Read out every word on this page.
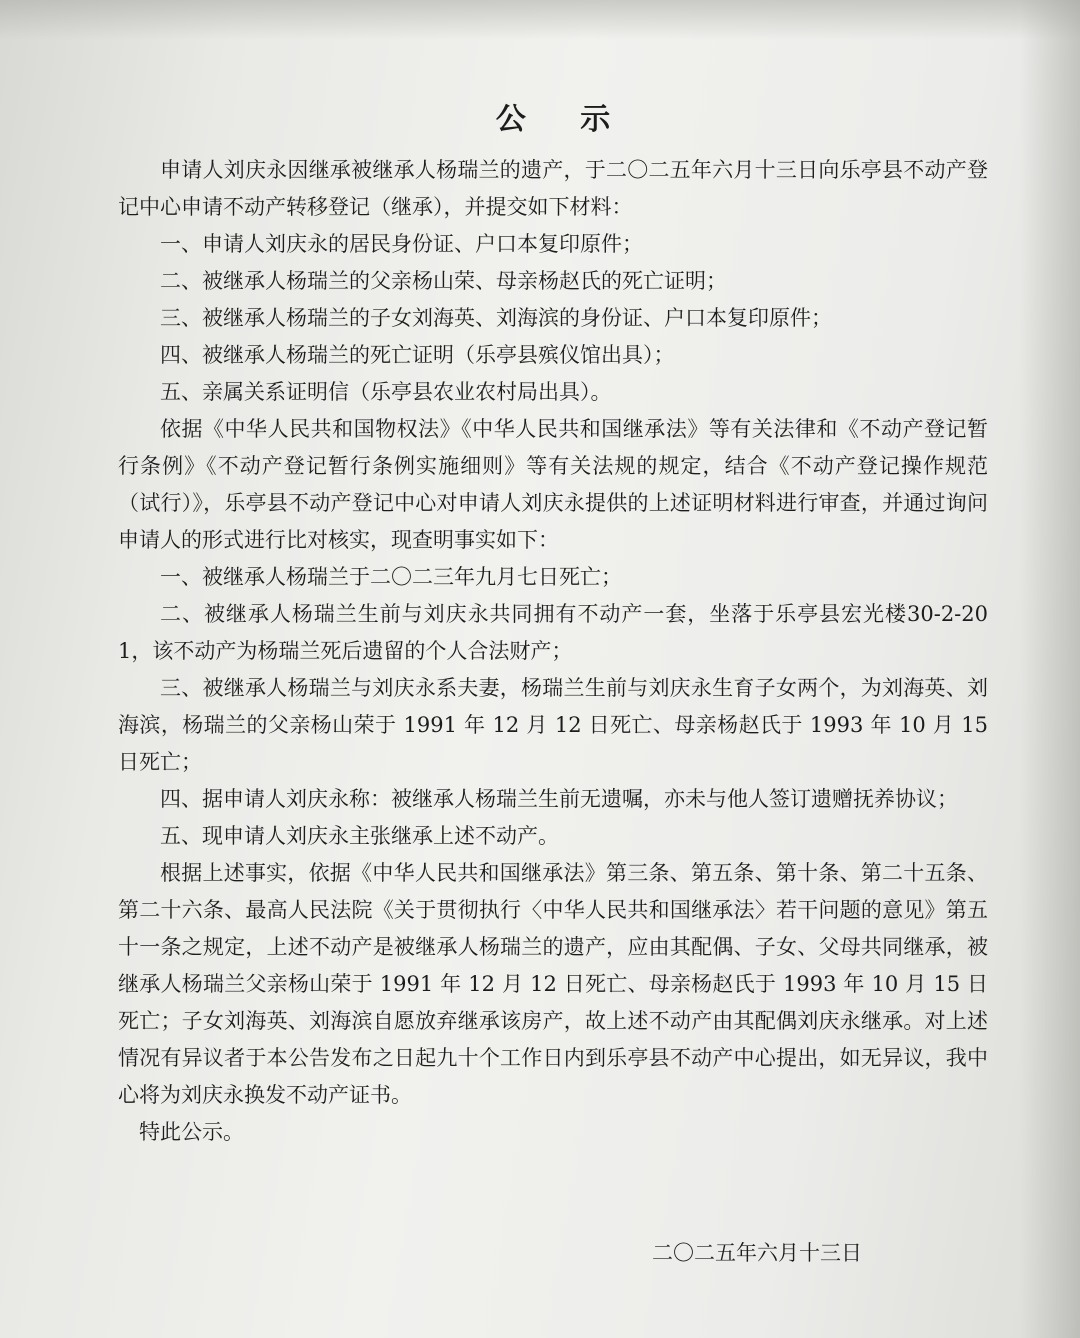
公 示

申请人刘庆永因继承被继承人杨瑞兰的遗产，于二〇二五年六月十三日向乐亭县不动产登记中心申请不动产转移登记（继承），并提交如下材料：

一、申请人刘庆永的居民身份证、户口本复印原件；

二、被继承人杨瑞兰的父亲杨山荣、母亲杨赵氏的死亡证明；

三、被继承人杨瑞兰的子女刘海英、刘海滨的身份证、户口本复印原件；

四、被继承人杨瑞兰的死亡证明（乐亭县殡仪馆出具）；

五、亲属关系证明信（乐亭县农业农村局出具）。

依据《中华人民共和国物权法》《中华人民共和国继承法》等有关法律和《不动产登记暂行条例》《不动产登记暂行条例实施细则》等有关法规的规定，结合《不动产登记操作规范（试行）》，乐亭县不动产登记中心对申请人刘庆永提供的上述证明材料进行审查，并通过询问申请人的形式进行比对核实，现查明事实如下：

一、被继承人杨瑞兰于二〇二三年九月七日死亡；

二、被继承人杨瑞兰生前与刘庆永共同拥有不动产一套，坐落于乐亭县宏光楼30-2-201，该不动产为杨瑞兰死后遗留的个人合法财产；

三、被继承人杨瑞兰与刘庆永系夫妻，杨瑞兰生前与刘庆永生育子女两个，为刘海英、刘海滨，杨瑞兰的父亲杨山荣于 1991 年 12 月 12 日死亡、母亲杨赵氏于 1993 年 10 月 15 日死亡；

四、据申请人刘庆永称：被继承人杨瑞兰生前无遗嘱，亦未与他人签订遗赠抚养协议；

五、现申请人刘庆永主张继承上述不动产。

根据上述事实，依据《中华人民共和国继承法》第三条、第五条、第十条、第二十五条、第二十六条、最高人民法院《关于贯彻执行〈中华人民共和国继承法〉若干问题的意见》第五十一条之规定，上述不动产是被继承人杨瑞兰的遗产，应由其配偶、子女、父母共同继承，被继承人杨瑞兰父亲杨山荣于 1991 年 12 月 12 日死亡、母亲杨赵氏于 1993 年 10 月 15 日死亡；子女刘海英、刘海滨自愿放弃继承该房产，故上述不动产由其配偶刘庆永继承。对上述情况有异议者于本公告发布之日起九十个工作日内到乐亭县不动产中心提出，如无异议，我中心将为刘庆永换发不动产证书。

特此公示。

二〇二五年六月十三日
